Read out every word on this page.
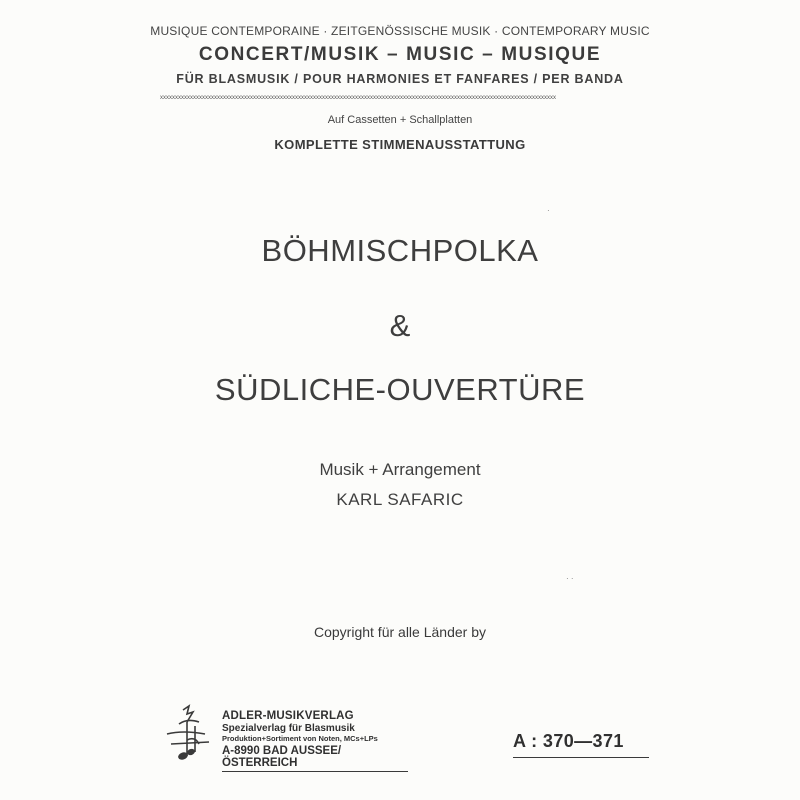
MUSIQUE CONTEMPORAINE · ZEITGENÖSSISCHE MUSIK · CONTEMPORARY MUSIC
CONCERT/MUSIK – MUSIC – MUSIQUE
FÜR BLASMUSIK / POUR HARMONIES ET FANFARES / PER BANDA
xxxxxxxxxxxxxxxxxxxxxxxxxxxxxxxxxxxxxxxxxxxxxxxxxxxxxxxxxxxxxxxxxxxxxxxxxxxxxxxxxxxxxxxxxxxxxxxxxxxxxxxxxxxxxxxxxxxxxxxxxxxxxxxxxxxx
Auf Cassetten + Schallplatten
KOMPLETTE STIMMENAUSSTATTUNG
·
BÖHMISCHPOLKA
&
SÜDLICHE-OUVERTÜRE
Musik + Arrangement
KARL SAFARIC
· ·
Copyright für alle Länder by
ADLER-MUSIKVERLAG
Spezialverlag für Blasmusik
Produktion+Sortiment von Noten, MCs+LPs
A-8990 BAD AUSSEE/ÖSTERREICH
A : 370—371
